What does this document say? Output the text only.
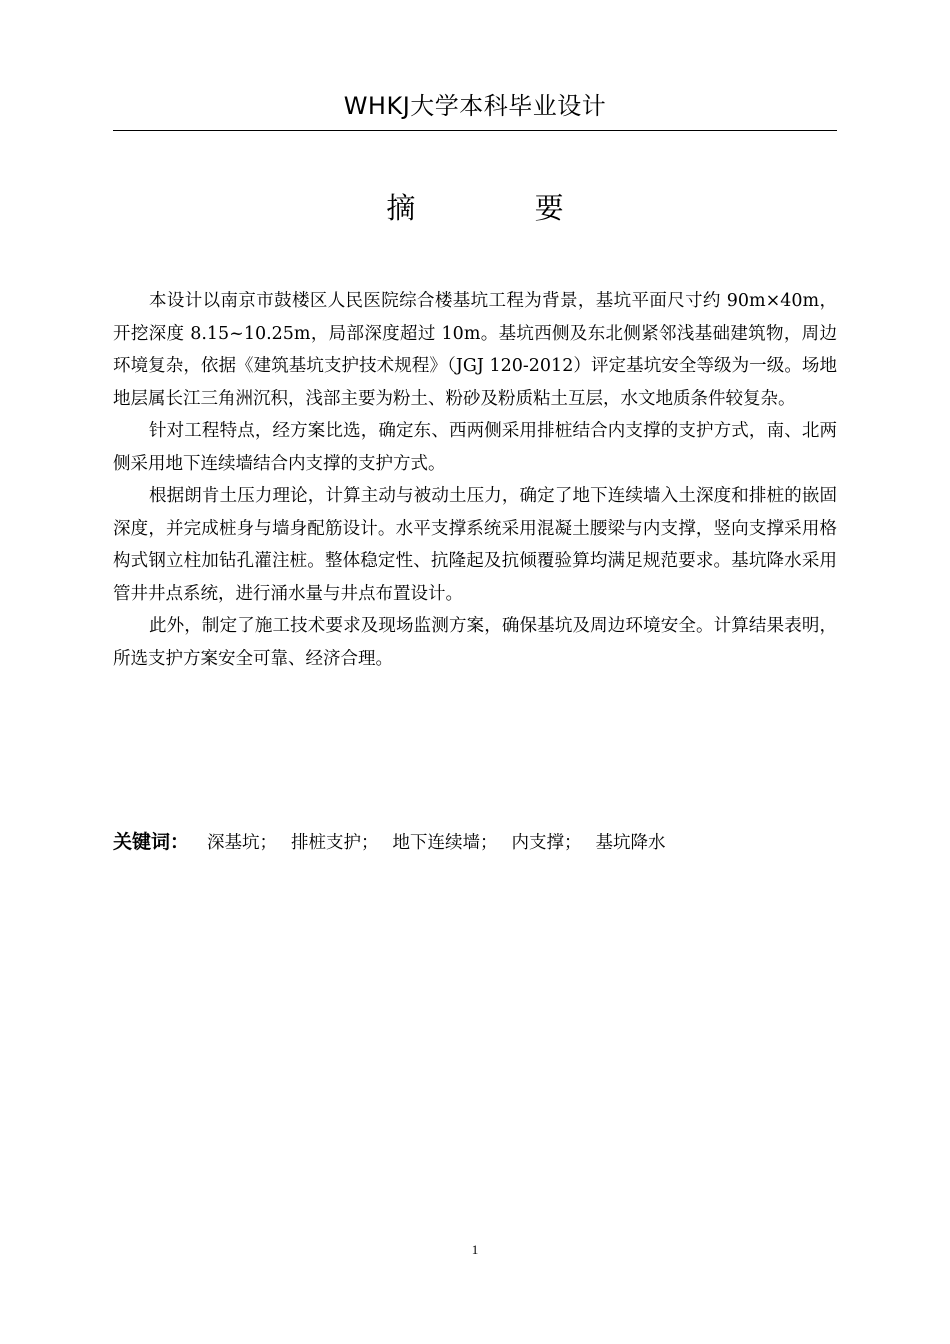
WHKJ大学本科毕业设计
摘 要

本设计以南京市鼓楼区人民医院综合楼基坑工程为背景，基坑平面尺寸约 90m×40m，开挖深度 8.15~10.25m，局部深度超过 10m。基坑西侧及东北侧紧邻浅基础建筑物，周边环境复杂，依据《建筑基坑支护技术规程》（JGJ 120-2012）评定基坑安全等级为一级。场地地层属长江三角洲沉积，浅部主要为粉土、粉砂及粉质粘土互层，水文地质条件较复杂。

针对工程特点，经方案比选，确定东、西两侧采用排桩结合内支撑的支护方式，南、北两侧采用地下连续墙结合内支撑的支护方式。

根据朗肯土压力理论，计算主动与被动土压力，确定了地下连续墙入土深度和排桩的嵌固深度，并完成桩身与墙身配筋设计。水平支撑系统采用混凝土腰梁与内支撑，竖向支撑采用格构式钢立柱加钻孔灌注桩。整体稳定性、抗隆起及抗倾覆验算均满足规范要求。基坑降水采用管井井点系统，进行涌水量与井点布置设计。

此外，制定了施工技术要求及现场监测方案，确保基坑及周边环境安全。计算结果表明，所选支护方案安全可靠、经济合理。

关键词： 深基坑； 排桩支护； 地下连续墙； 内支撑； 基坑降水
1
